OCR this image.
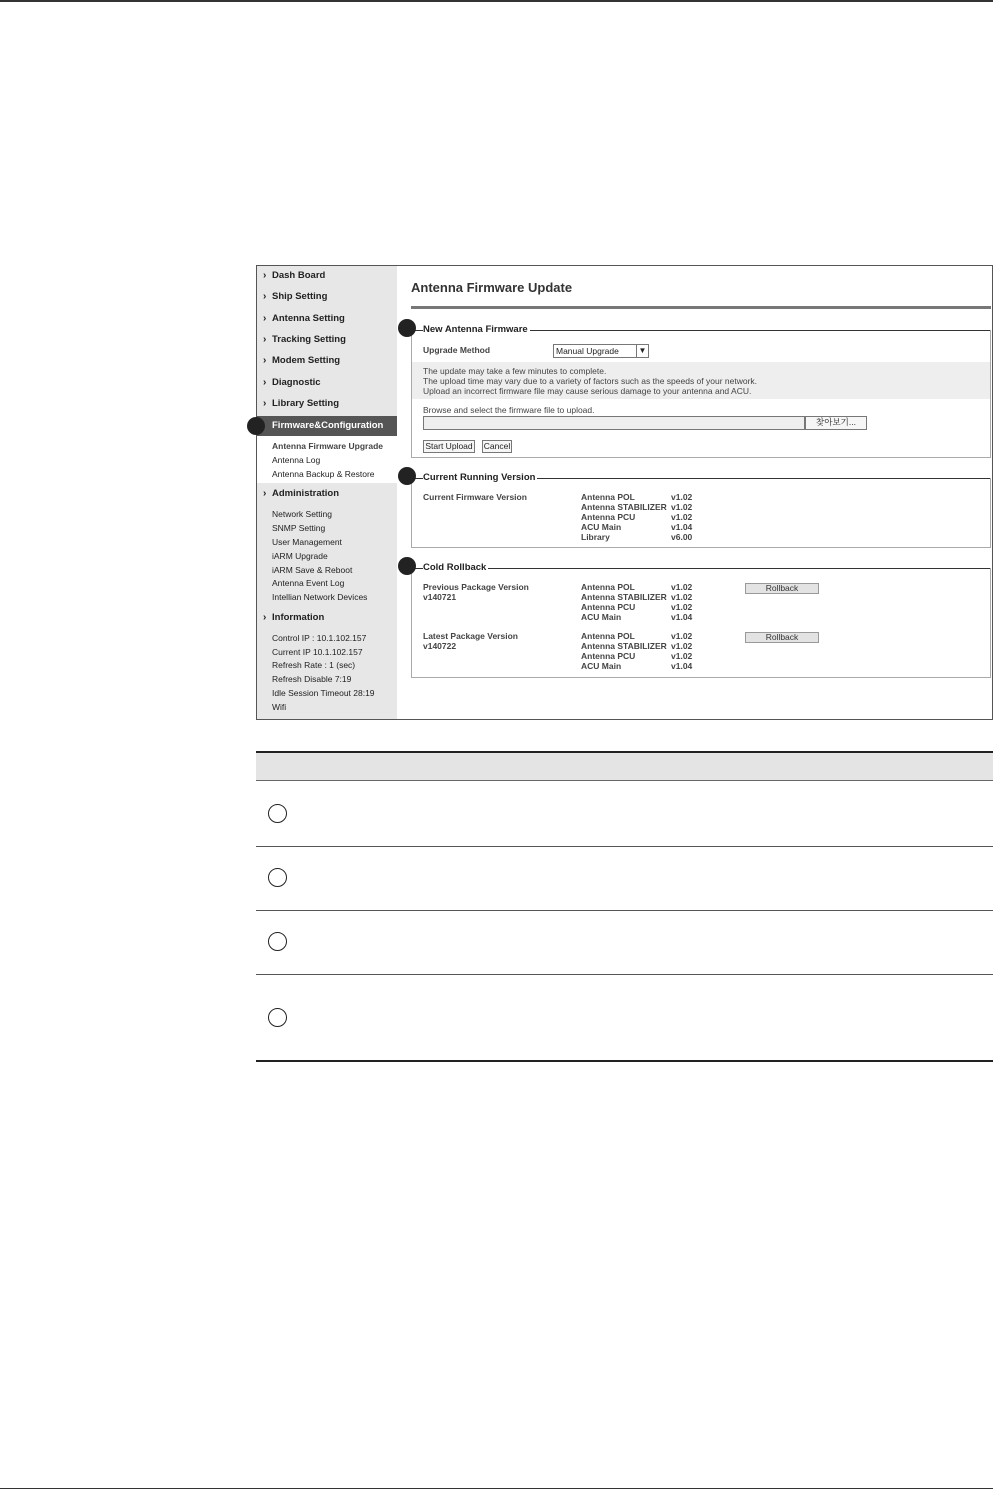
› Dash Board
› Ship Setting
› Antenna Setting
› Tracking Setting
› Modem Setting
› Diagnostic
› Library Setting
Firmware&Configuration
Antenna Firmware Upgrade
Antenna Log
Antenna Backup & Restore
› Administration
Network Setting
SNMP Setting
User Management
iARM Upgrade
iARM Save & Reboot
Antenna Event Log
Intellian Network Devices
› Information
Control IP : 10.1.102.157
Current IP 10.1.102.157
Refresh Rate : 1 (sec)
Refresh Disable 7:19
Idle Session Timeout 28:19
Wifi
Antenna Firmware Update
New Antenna Firmware
Upgrade Method	Manual Upgrade	▼
The update may take a few minutes to complete.
The upload time may vary due to a variety of factors such as the speeds of your network.
Upload an incorrect firmware file may cause serious damage to your antenna and ACU.
Browse and select the firmware file to upload.
찾아보기...
Start Upload Cancel
Current Running Version
Current Firmware Version	Antenna POL	v1.02
Antenna STABILIZER v1.02
Antenna PCU	v1.02
ACU Main	v1.04
Library	v6.00
Cold Rollback
Previous Package Version
v140721
Antenna POL	v1.02
Antenna STABILIZER v1.02
Antenna PCU	v1.02
ACU Main	v1.04
Rollback
Latest Package Version
v140722
Antenna POL	v1.02
Antenna STABILIZER v1.02
Antenna PCU	v1.02
ACU Main	v1.04
Rollback
